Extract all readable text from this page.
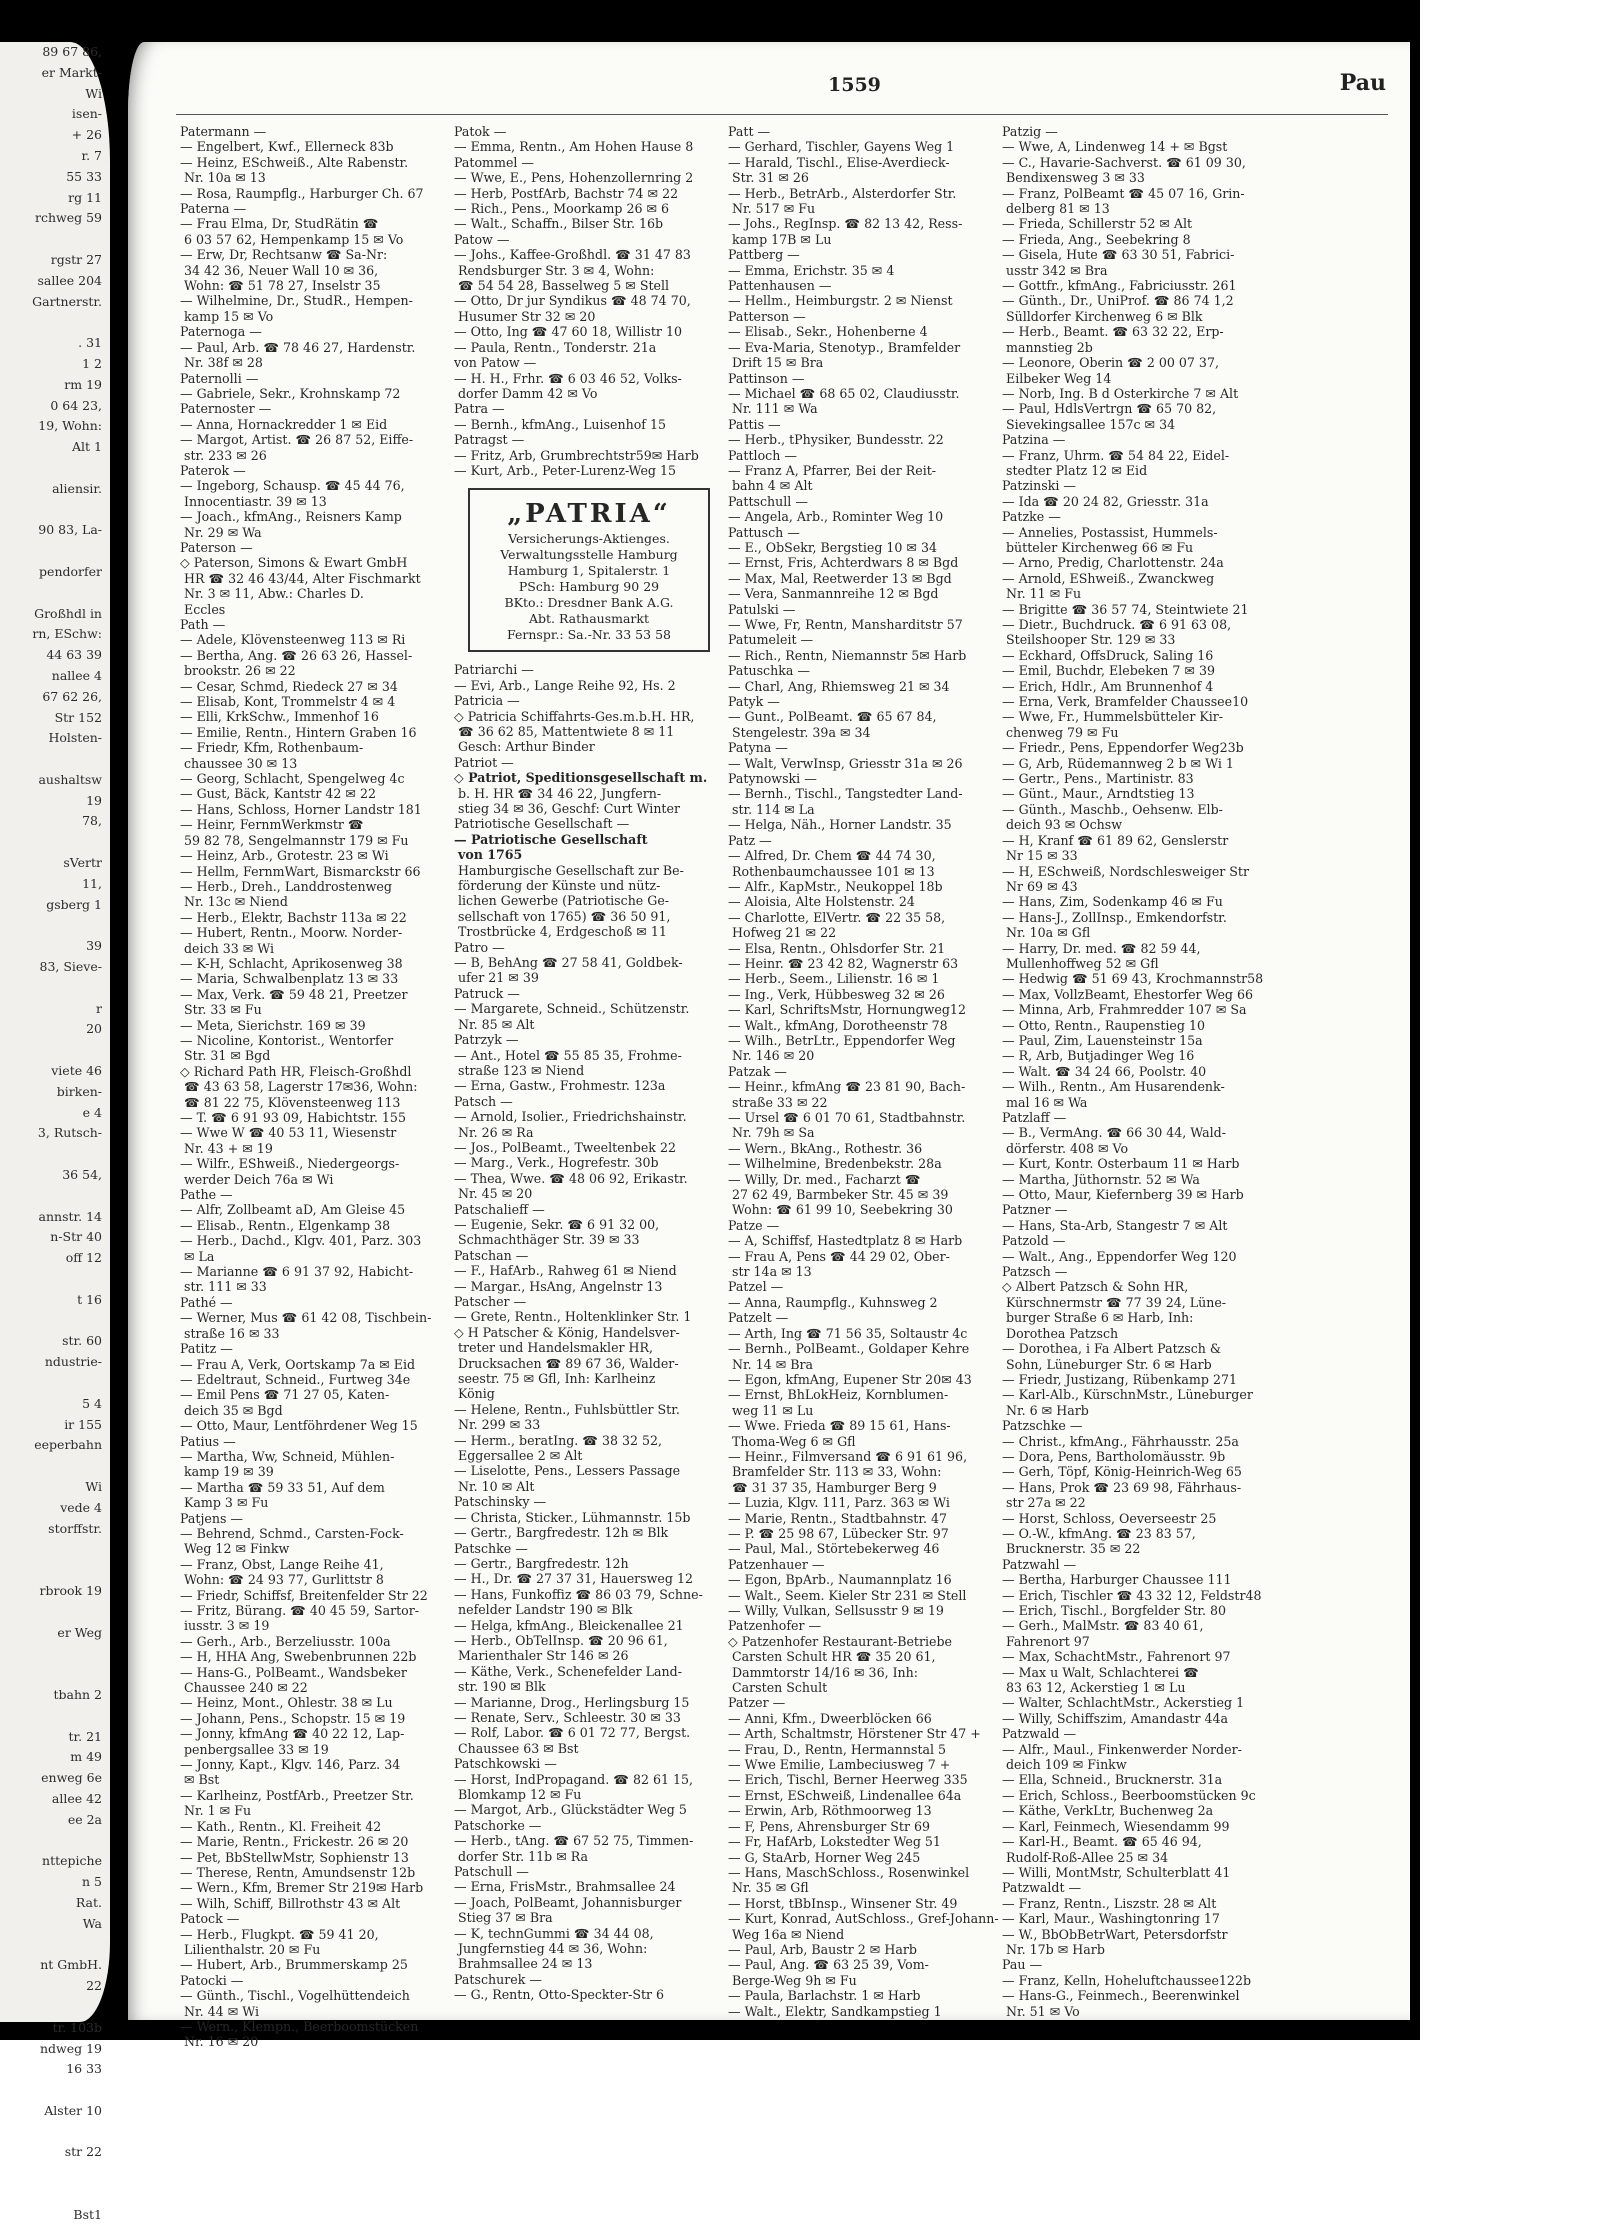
89 67 86,
er Markt-
Wi
isen-
+ 26
r. 7
55 33
rg 11
rchweg 59

rgstr 27
sallee 204
Gartnerstr.

. 31
1 2
rm 19
0 64 23,
19, Wohn:
Alt 1

aliensir.

90 83, La-

pendorfer

Großhdl in
rn, ESchw:
44 63 39
nallee 4
67 62 26,
Str 152
Holsten-

aushaltsw
19
78,

sVertr
11,
gsberg 1

39
83, Sieve-

r
20

viete 46
birken-
e 4
3, Rutsch-

36 54,

annstr. 14
n-Str 40
off 12

t 16

str. 60
ndustrie-

5 4
ir 155
eeperbahn

Wi
vede 4
storffstr.

rbrook 19

er Weg

tbahn 2

tr. 21
m 49
enweg 6e
allee 42
ee 2a

nttepiche
n 5
Rat.
Wa

nt GmbH.
22

tr. 103b
ndweg 19
16 33

Alster 10

str 22

Bst1
1559	Pau

Patermann —

— Engelbert, Kwf., Ellerneck 83b

— Heinz, ESchweiß., Alte Rabenstr.

Nr. 10a ✉ 13

— Rosa, Raumpflg., Harburger Ch. 67

Paterna —

— Frau Elma, Dr, StudRätin ☎

6 03 57 62, Hempenkamp 15 ✉ Vo

— Erw, Dr, Rechtsanw ☎ Sa-Nr:

34 42 36, Neuer Wall 10 ✉ 36,

Wohn: ☎ 51 78 27, Inselstr 35

— Wilhelmine, Dr., StudR., Hempen-

kamp 15 ✉ Vo

Paternoga —

— Paul, Arb. ☎ 78 46 27, Hardenstr.

Nr. 38f ✉ 28

Paternolli —

— Gabriele, Sekr., Krohnskamp 72

Paternoster —

— Anna, Hornackredder 1 ✉ Eid

— Margot, Artist. ☎ 26 87 52, Eiffe-

str. 233 ✉ 26

Paterok —

— Ingeborg, Schausp. ☎ 45 44 76,

Innocentiastr. 39 ✉ 13

— Joach., kfmAng., Reisners Kamp

Nr. 29 ✉ Wa

Paterson —

◇ Paterson, Simons & Ewart GmbH

HR ☎ 32 46 43/44, Alter Fischmarkt

Nr. 3 ✉ 11, Abw.: Charles D.

Eccles

Path —

— Adele, Klövensteenweg 113 ✉ Ri

— Bertha, Ang. ☎ 26 63 26, Hassel-

brookstr. 26 ✉ 22

— Cesar, Schmd, Riedeck 27 ✉ 34

— Elisab, Kont, Trommelstr 4 ✉ 4

— Elli, KrkSchw., Immenhof 16

— Emilie, Rentn., Hintern Graben 16

— Friedr, Kfm, Rothenbaum-

chaussee 30 ✉ 13

— Georg, Schlacht, Spengelweg 4c

— Gust, Bäck, Kantstr 42 ✉ 22

— Hans, Schloss, Horner Landstr 181

— Heinr, FernmWerkmstr ☎

59 82 78, Sengelmannstr 179 ✉ Fu

— Heinz, Arb., Grotestr. 23 ✉ Wi

— Hellm, FernmWart, Bismarckstr 66

— Herb., Dreh., Landdrostenweg

Nr. 13c ✉ Niend

— Herb., Elektr, Bachstr 113a ✉ 22

— Hubert, Rentn., Moorw. Norder-

deich 33 ✉ Wi

— K-H, Schlacht, Aprikosenweg 38

— Maria, Schwalbenplatz 13 ✉ 33

— Max, Verk. ☎ 59 48 21, Preetzer

Str. 33 ✉ Fu

— Meta, Sierichstr. 169 ✉ 39

— Nicoline, Kontorist., Wentorfer

Str. 31 ✉ Bgd

◇ Richard Path HR, Fleisch-Großhdl

☎ 43 63 58, Lagerstr 17✉36, Wohn:

☎ 81 22 75, Klövensteenweg 113

— T. ☎ 6 91 93 09, Habichtstr. 155

— Wwe W ☎ 40 53 11, Wiesenstr

Nr. 43 + ✉ 19

— Wilfr., EShweiß., Niedergeorgs-

werder Deich 76a ✉ Wi

Pathe —

— Alfr, Zollbeamt aD, Am Gleise 45

— Elisab., Rentn., Elgenkamp 38

— Herb., Dachd., Klgv. 401, Parz. 303

✉ La

— Marianne ☎ 6 91 37 92, Habicht-

str. 111 ✉ 33

Pathé —

— Werner, Mus ☎ 61 42 08, Tischbein-

straße 16 ✉ 33

Patitz —

— Frau A, Verk, Oortskamp 7a ✉ Eid

— Edeltraut, Schneid., Furtweg 34e

— Emil Pens ☎ 71 27 05, Katen-

deich 35 ✉ Bgd

— Otto, Maur, Lentföhrdener Weg 15

Patius —

— Martha, Ww, Schneid, Mühlen-

kamp 19 ✉ 39

— Martha ☎ 59 33 51, Auf dem

Kamp 3 ✉ Fu

Patjens —

— Behrend, Schmd., Carsten-Fock-

Weg 12 ✉ Finkw

— Franz, Obst, Lange Reihe 41,

Wohn: ☎ 24 93 77, Gurlittstr 8

— Friedr, Schiffsf, Breitenfelder Str 22

— Fritz, Bürang. ☎ 40 45 59, Sartor-

iusstr. 3 ✉ 19

— Gerh., Arb., Berzeliusstr. 100a

— H, HHA Ang, Swebenbrunnen 22b

— Hans-G., PolBeamt., Wandsbeker

Chaussee 240 ✉ 22

— Heinz, Mont., Ohlestr. 38 ✉ Lu

— Johann, Pens., Schopstr. 15 ✉ 19

— Jonny, kfmAng ☎ 40 22 12, Lap-

penbergsallee 33 ✉ 19

— Jonny, Kapt., Klgv. 146, Parz. 34

✉ Bst

— Karlheinz, PostfArb., Preetzer Str.

Nr. 1 ✉ Fu

— Kath., Rentn., Kl. Freiheit 42

— Marie, Rentn., Frickestr. 26 ✉ 20

— Pet, BbStellwMstr, Sophienstr 13

— Therese, Rentn, Amundsenstr 12b

— Wern., Kfm, Bremer Str 219✉ Harb

— Wilh, Schiff, Billrothstr 43 ✉ Alt

Patock —

— Herb., Flugkpt. ☎ 59 41 20,

Lilienthalstr. 20 ✉ Fu

— Hubert, Arb., Brummerskamp 25

Patocki —

— Günth., Tischl., Vogelhüttendeich

Nr. 44 ✉ Wi

— Wern., Klempn., Beerboomstücken

Nr. 16 ✉ 20

Patok —

— Emma, Rentn., Am Hohen Hause 8

Patommel —

— Wwe, E., Pens, Hohenzollernring 2

— Herb, PostfArb, Bachstr 74 ✉ 22

— Rich., Pens., Moorkamp 26 ✉ 6

— Walt., Schaffn., Bilser Str. 16b

Patow —

— Johs., Kaffee-Großhdl. ☎ 31 47 83

Rendsburger Str. 3 ✉ 4, Wohn:

☎ 54 54 28, Basselweg 5 ✉ Stell

— Otto, Dr jur Syndikus ☎ 48 74 70,

Husumer Str 32 ✉ 20

— Otto, Ing ☎ 47 60 18, Willistr 10

— Paula, Rentn., Tonderstr. 21a

von Patow —

— H. H., Frhr. ☎ 6 03 46 52, Volks-

dorfer Damm 42 ✉ Vo

Patra —

— Bernh., kfmAng., Luisenhof 15

Patragst —

— Fritz, Arb, Grumbrechtstr59✉ Harb

— Kurt, Arb., Peter-Lurenz-Weg 15

„PATRIA“
Versicherungs-Aktienges.
Verwaltungsstelle Hamburg
Hamburg 1, Spitalerstr. 1
PSch: Hamburg 90 29
BKto.: Dresdner Bank A.G.
Abt. Rathausmarkt
Fernspr.: Sa.-Nr. 33 53 58

Patriarchi —

— Evi, Arb., Lange Reihe 92, Hs. 2

Patricia —

◇ Patricia Schiffahrts-Ges.m.b.H. HR,

☎ 36 62 85, Mattentwiete 8 ✉ 11

Gesch: Arthur Binder

Patriot —

◇ Patriot, Speditionsgesellschaft m.

b. H. HR ☎ 34 46 22, Jungfern-

stieg 34 ✉ 36, Geschf: Curt Winter

Patriotische Gesellschaft —

— Patriotische Gesellschaft

von 1765

Hamburgische Gesellschaft zur Be-

förderung der Künste und nütz-

lichen Gewerbe (Patriotische Ge-

sellschaft von 1765) ☎ 36 50 91,

Trostbrücke 4, Erdgeschoß ✉ 11

Patro —

— B, BehAng ☎ 27 58 41, Goldbek-

ufer 21 ✉ 39

Patruck —

— Margarete, Schneid., Schützenstr.

Nr. 85 ✉ Alt

Patrzyk —

— Ant., Hotel ☎ 55 85 35, Frohme-

straße 123 ✉ Niend

— Erna, Gastw., Frohmestr. 123a

Patsch —

— Arnold, Isolier., Friedrichshainstr.

Nr. 26 ✉ Ra

— Jos., PolBeamt., Tweeltenbek 22

— Marg., Verk., Hogrefestr. 30b

— Thea, Wwe. ☎ 48 06 92, Erikastr.

Nr. 45 ✉ 20

Patschalieff —

— Eugenie, Sekr. ☎ 6 91 32 00,

Schmachthäger Str. 39 ✉ 33

Patschan —

— F., HafArb., Rahweg 61 ✉ Niend

— Margar., HsAng, Angelnstr 13

Patscher —

— Grete, Rentn., Holtenklinker Str. 1

◇ H Patscher & König, Handelsver-

treter und Handelsmakler HR,

Drucksachen ☎ 89 67 36, Walder-

seestr. 75 ✉ Gfl, Inh: Karlheinz

König

— Helene, Rentn., Fuhlsbüttler Str.

Nr. 299 ✉ 33

— Herm., beratIng. ☎ 38 32 52,

Eggersallee 2 ✉ Alt

— Liselotte, Pens., Lessers Passage

Nr. 10 ✉ Alt

Patschinsky —

— Christa, Sticker., Lühmannstr. 15b

— Gertr., Bargfredestr. 12h ✉ Blk

Patschke —

— Gertr., Bargfredestr. 12h

— H., Dr. ☎ 27 37 31, Hauersweg 12

— Hans, Funkoffiz ☎ 86 03 79, Schne-

nefelder Landstr 190 ✉ Blk

— Helga, kfmAng., Bleickenallee 21

— Herb., ObTelInsp. ☎ 20 96 61,

Marienthaler Str 146 ✉ 26

— Käthe, Verk., Schenefelder Land-

str. 190 ✉ Blk

— Marianne, Drog., Herlingsburg 15

— Renate, Serv., Schleestr. 30 ✉ 33

— Rolf, Labor. ☎ 6 01 72 77, Bergst.

Chaussee 63 ✉ Bst

Patschkowski —

— Horst, IndPropagand. ☎ 82 61 15,

Blomkamp 12 ✉ Fu

— Margot, Arb., Glückstädter Weg 5

Patschorke —

— Herb., tAng. ☎ 67 52 75, Timmen-

dorfer Str. 11b ✉ Ra

Patschull —

— Erna, FrisMstr., Brahmsallee 24

— Joach, PolBeamt, Johannisburger

Stieg 37 ✉ Bra

— K, technGummi ☎ 34 44 08,

Jungfernstieg 44 ✉ 36, Wohn:

Brahmsallee 24 ✉ 13

Patschurek —

— G., Rentn, Otto-Speckter-Str 6

Patt —

— Gerhard, Tischler, Gayens Weg 1

— Harald, Tischl., Elise-Averdieck-

Str. 31 ✉ 26

— Herb., BetrArb., Alsterdorfer Str.

Nr. 517 ✉ Fu

— Johs., RegInsp. ☎ 82 13 42, Ress-

kamp 17B ✉ Lu

Pattberg —

— Emma, Erichstr. 35 ✉ 4

Pattenhausen —

— Hellm., Heimburgstr. 2 ✉ Nienst

Patterson —

— Elisab., Sekr., Hohenberne 4

— Eva-Maria, Stenotyp., Bramfelder

Drift 15 ✉ Bra

Pattinson —

— Michael ☎ 68 65 02, Claudiusstr.

Nr. 111 ✉ Wa

Pattis —

— Herb., tPhysiker, Bundesstr. 22

Pattloch —

— Franz A, Pfarrer, Bei der Reit-

bahn 4 ✉ Alt

Pattschull —

— Angela, Arb., Rominter Weg 10

Pattusch —

— E., ObSekr, Bergstieg 10 ✉ 34

— Ernst, Fris, Achterdwars 8 ✉ Bgd

— Max, Mal, Reetwerder 13 ✉ Bgd

— Vera, Sanmannreihe 12 ✉ Bgd

Patulski —

— Wwe, Fr, Rentn, Mansharditstr 57

Patumeleit —

— Rich., Rentn, Niemannstr 5✉ Harb

Patuschka —

— Charl, Ang, Rhiemsweg 21 ✉ 34

Patyk —

— Gunt., PolBeamt. ☎ 65 67 84,

Stengelestr. 39a ✉ 34

Patyna —

— Walt, VerwInsp, Griesstr 31a ✉ 26

Patynowski —

— Bernh., Tischl., Tangstedter Land-

str. 114 ✉ La

— Helga, Näh., Horner Landstr. 35

Patz —

— Alfred, Dr. Chem ☎ 44 74 30,

Rothenbaumchaussee 101 ✉ 13

— Alfr., KapMstr., Neukoppel 18b

— Aloisia, Alte Holstenstr. 24

— Charlotte, ElVertr. ☎ 22 35 58,

Hofweg 21 ✉ 22

— Elsa, Rentn., Ohlsdorfer Str. 21

— Heinr. ☎ 23 42 82, Wagnerstr 63

— Herb., Seem., Lilienstr. 16 ✉ 1

— Ing., Verk, Hübbesweg 32 ✉ 26

— Karl, SchriftsMstr, Hornungweg12

— Walt., kfmAng, Dorotheenstr 78

— Wilh., BetrLtr., Eppendorfer Weg

Nr. 146 ✉ 20

Patzak —

— Heinr., kfmAng ☎ 23 81 90, Bach-

straße 33 ✉ 22

— Ursel ☎ 6 01 70 61, Stadtbahnstr.

Nr. 79h ✉ Sa

— Wern., BkAng., Rothestr. 36

— Wilhelmine, Bredenbekstr. 28a

— Willy, Dr. med., Facharzt ☎

27 62 49, Barmbeker Str. 45 ✉ 39

Wohn: ☎ 61 99 10, Seebekring 30

Patze —

— A, Schiffsf, Hastedtplatz 8 ✉ Harb

— Frau A, Pens ☎ 44 29 02, Ober-

str 14a ✉ 13

Patzel —

— Anna, Raumpflg., Kuhnsweg 2

Patzelt —

— Arth, Ing ☎ 71 56 35, Soltaustr 4c

— Bernh., PolBeamt., Goldaper Kehre

Nr. 14 ✉ Bra

— Egon, kfmAng, Eupener Str 20✉ 43

— Ernst, BhLokHeiz, Kornblumen-

weg 11 ✉ Lu

— Wwe. Frieda ☎ 89 15 61, Hans-

Thoma-Weg 6 ✉ Gfl

— Heinr., Filmversand ☎ 6 91 61 96,

Bramfelder Str. 113 ✉ 33, Wohn:

☎ 31 37 35, Hamburger Berg 9

— Luzia, Klgv. 111, Parz. 363 ✉ Wi

— Marie, Rentn., Stadtbahnstr. 47

— P. ☎ 25 98 67, Lübecker Str. 97

— Paul, Mal., Störtebekerweg 46

Patzenhauer —

— Egon, BpArb., Naumannplatz 16

— Walt., Seem. Kieler Str 231 ✉ Stell

— Willy, Vulkan, Sellsusstr 9 ✉ 19

Patzenhofer —

◇ Patzenhofer Restaurant-Betriebe

Carsten Schult HR ☎ 35 20 61,

Dammtorstr 14/16 ✉ 36, Inh:

Carsten Schult

Patzer —

— Anni, Kfm., Dweerblöcken 66

— Arth, Schaltmstr, Hörstener Str 47 +

— Frau, D., Rentn, Hermannstal 5

— Wwe Emilie, Lambeciusweg 7 +

— Erich, Tischl, Berner Heerweg 335

— Ernst, ESchweiß, Lindenallee 64a

— Erwin, Arb, Röthmoorweg 13

— F, Pens, Ahrensburger Str 69

— Fr, HafArb, Lokstedter Weg 51

— G, StaArb, Horner Weg 245

— Hans, MaschSchloss., Rosenwinkel

Nr. 35 ✉ Gfl

— Horst, tBbInsp., Winsener Str. 49

— Kurt, Konrad, AutSchloss., Gref-Johann-

Weg 16a ✉ Niend

— Paul, Arb, Baustr 2 ✉ Harb

— Paul, Ang. ☎ 63 25 39, Vom-

Berge-Weg 9h ✉ Fu

— Paula, Barlachstr. 1 ✉ Harb

— Walt., Elektr, Sandkampstieg 1

Patzig —

— Wwe, A, Lindenweg 14 + ✉ Bgst

— C., Havarie-Sachverst. ☎ 61 09 30,

Bendixensweg 3 ✉ 33

— Franz, PolBeamt ☎ 45 07 16, Grin-

delberg 81 ✉ 13

— Frieda, Schillerstr 52 ✉ Alt

— Frieda, Ang., Seebekring 8

— Gisela, Hute ☎ 63 30 51, Fabrici-

usstr 342 ✉ Bra

— Gottfr., kfmAng., Fabriciusstr. 261

— Günth., Dr., UniProf. ☎ 86 74 1,2

Sülldorfer Kirchenweg 6 ✉ Blk

— Herb., Beamt. ☎ 63 32 22, Erp-

mannstieg 2b

— Leonore, Oberin ☎ 2 00 07 37,

Eilbeker Weg 14

— Norb, Ing. B d Osterkirche 7 ✉ Alt

— Paul, HdlsVertrgn ☎ 65 70 82,

Sievekingsallee 157c ✉ 34

Patzina —

— Franz, Uhrm. ☎ 54 84 22, Eidel-

stedter Platz 12 ✉ Eid

Patzinski —

— Ida ☎ 20 24 82, Griesstr. 31a

Patzke —

— Annelies, Postassist, Hummels-

bütteler Kirchenweg 66 ✉ Fu

— Arno, Predig, Charlottenstr. 24a

— Arnold, EShweiß., Zwanckweg

Nr. 11 ✉ Fu

— Brigitte ☎ 36 57 74, Steintwiete 21

— Dietr., Buchdruck. ☎ 6 91 63 08,

Steilshooper Str. 129 ✉ 33

— Eckhard, OffsDruck, Saling 16

— Emil, Buchdr, Elebeken 7 ✉ 39

— Erich, Hdlr., Am Brunnenhof 4

— Erna, Verk, Bramfelder Chaussee10

— Wwe, Fr., Hummelsbütteler Kir-

chenweg 79 ✉ Fu

— Friedr., Pens, Eppendorfer Weg23b

— G, Arb, Rüdemannweg 2 b ✉ Wi 1

— Gertr., Pens., Martinistr. 83

— Günt., Maur., Arndtstieg 13

— Günth., Maschb., Oehsenw. Elb-

deich 93 ✉ Ochsw

— H, Kranf ☎ 61 89 62, Genslerstr

Nr 15 ✉ 33

— H, ESchweiß, Nordschlesweiger Str

Nr 69 ✉ 43

— Hans, Zim, Sodenkamp 46 ✉ Fu

— Hans-J., ZollInsp., Emkendorfstr.

Nr. 10a ✉ Gfl

— Harry, Dr. med. ☎ 82 59 44,

Mullenhoffweg 52 ✉ Gfl

— Hedwig ☎ 51 69 43, Krochmannstr58

— Max, VollzBeamt, Ehestorfer Weg 66

— Minna, Arb, Frahmredder 107 ✉ Sa

— Otto, Rentn., Raupenstieg 10

— Paul, Zim, Lauensteinstr 15a

— R, Arb, Butjadinger Weg 16

— Walt. ☎ 34 24 66, Poolstr. 40

— Wilh., Rentn., Am Husarendenk-

mal 16 ✉ Wa

Patzlaff —

— B., VermAng. ☎ 66 30 44, Wald-

dörferstr. 408 ✉ Vo

— Kurt, Kontr. Osterbaum 11 ✉ Harb

— Martha, Jüthornstr. 52 ✉ Wa

— Otto, Maur, Kiefernberg 39 ✉ Harb

Patzner —

— Hans, Sta-Arb, Stangestr 7 ✉ Alt

Patzold —

— Walt., Ang., Eppendorfer Weg 120

Patzsch —

◇ Albert Patzsch & Sohn HR,

Kürschnermstr ☎ 77 39 24, Lüne-

burger Straße 6 ✉ Harb, Inh:

Dorothea Patzsch

— Dorothea, i Fa Albert Patzsch &

Sohn, Lüneburger Str. 6 ✉ Harb

— Friedr, Justizang, Rübenkamp 271

— Karl-Alb., KürschnMstr., Lüneburger

Nr. 6 ✉ Harb

Patzschke —

— Christ., kfmAng., Fährhausstr. 25a

— Dora, Pens, Bartholomäusstr. 9b

— Gerh, Töpf, König-Heinrich-Weg 65

— Hans, Prok ☎ 23 69 98, Fährhaus-

str 27a ✉ 22

— Horst, Schloss, Oeverseestr 25

— O.-W., kfmAng. ☎ 23 83 57,

Brucknerstr. 35 ✉ 22

Patzwahl —

— Bertha, Harburger Chaussee 111

— Erich, Tischler ☎ 43 32 12, Feldstr48

— Erich, Tischl., Borgfelder Str. 80

— Gerh., MalMstr. ☎ 83 40 61,

Fahrenort 97

— Max, SchachtMstr., Fahrenort 97

— Max u Walt, Schlachterei ☎

83 63 12, Ackerstieg 1 ✉ Lu

— Walter, SchlachtMstr., Ackerstieg 1

— Willy, Schiffszim, Amandastr 44a

Patzwald —

— Alfr., Maul., Finkenwerder Norder-

deich 109 ✉ Finkw

— Ella, Schneid., Brucknerstr. 31a

— Erich, Schloss., Beerboomstücken 9c

— Käthe, VerkLtr, Buchenweg 2a

— Karl, Feinmech, Wiesendamm 99

— Karl-H., Beamt. ☎ 65 46 94,

Rudolf-Roß-Allee 25 ✉ 34

— Willi, MontMstr, Schulterblatt 41

Patzwaldt —

— Franz, Rentn., Liszstr. 28 ✉ Alt

— Karl, Maur., Washingtonring 17

— W., BbObBetrWart, Petersdorfstr

Nr. 17b ✉ Harb

Pau —

— Franz, Kelln, Hoheluftchaussee122b

— Hans-G., Feinmech., Beerenwinkel

Nr. 51 ✉ Vo
